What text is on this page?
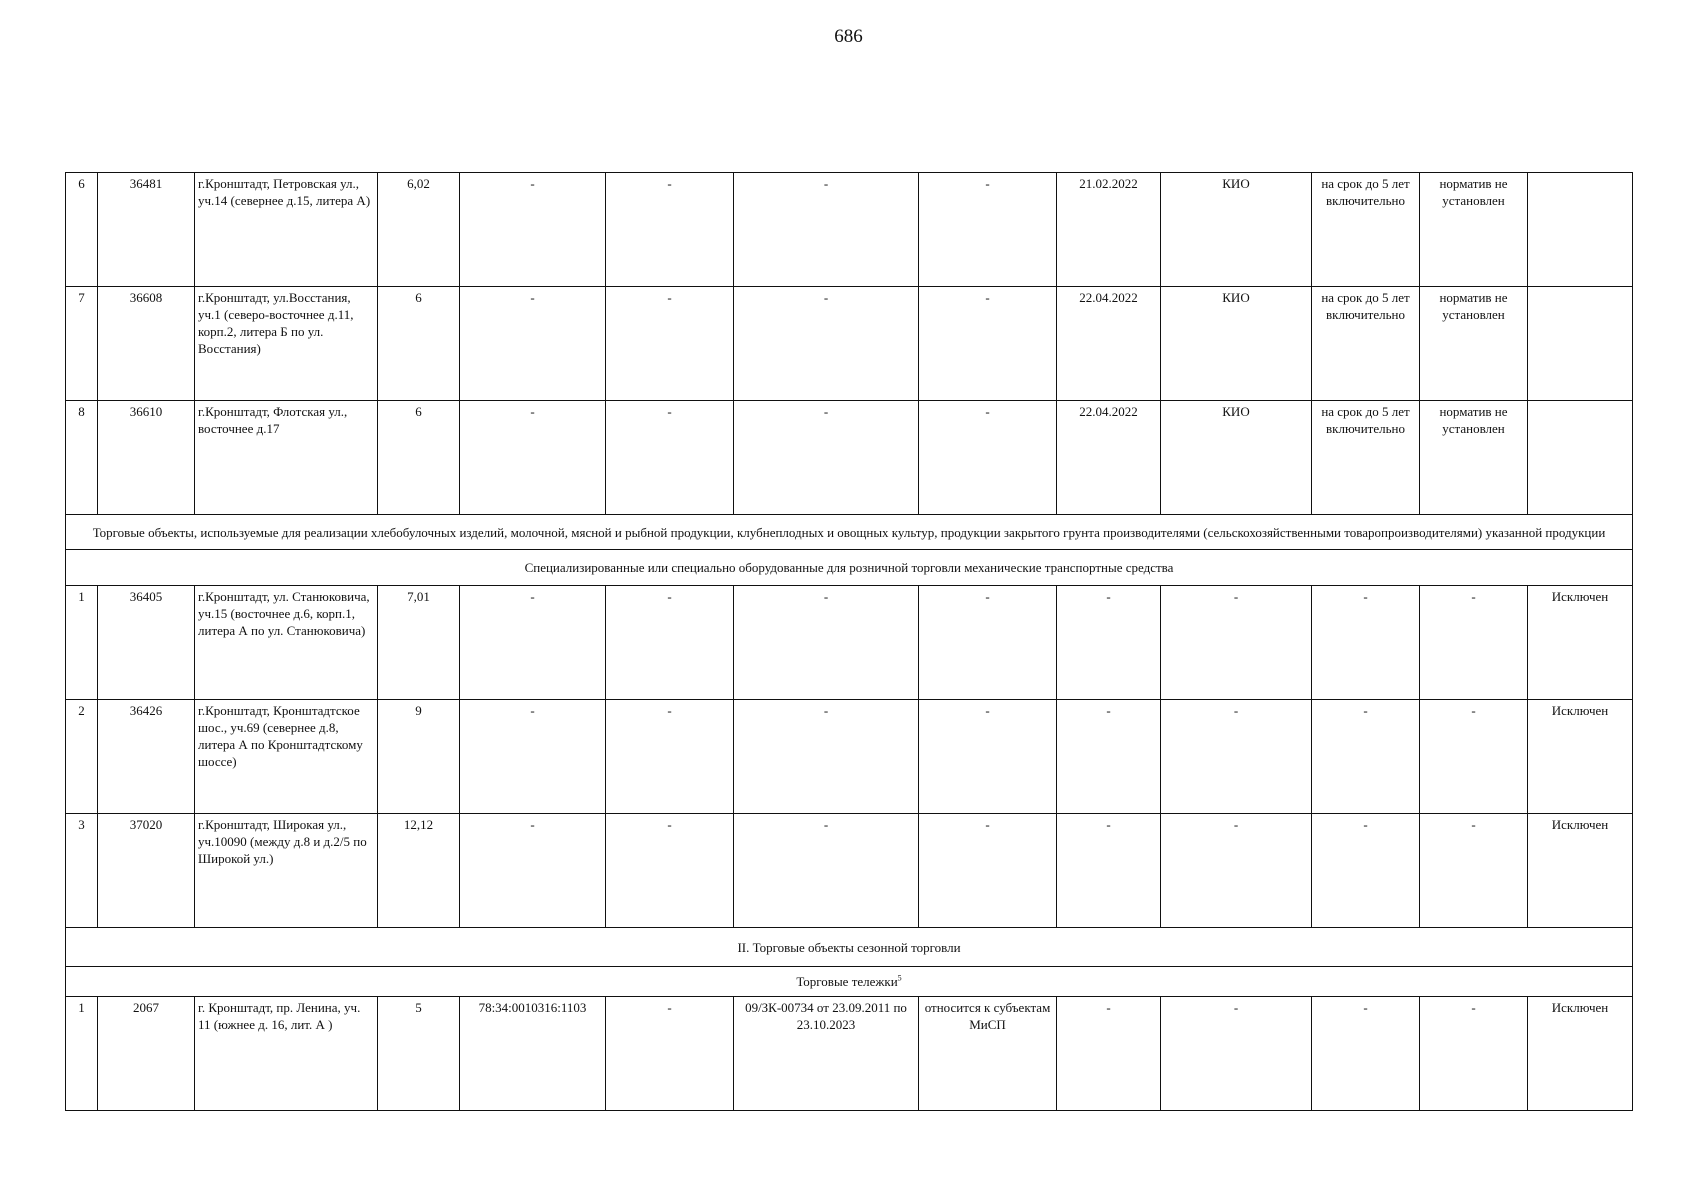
686
6	36481	г.Кронштадт, Петровская ул., уч.14 (севернее д.15, литера А)	6,02	-	-	-	-	21.02.2022	КИО	на срок до 5 лет включительно	норматив не установлен	
7	36608	г.Кронштадт, ул.Восстания, уч.1 (северо-восточнее д.11, корп.2, литера Б по ул. Восстания)	6	-	-	-	-	22.04.2022	КИО	на срок до 5 лет включительно	норматив не установлен	
8	36610	г.Кронштадт, Флотская ул., восточнее д.17	6	-	-	-	-	22.04.2022	КИО	на срок до 5 лет включительно	норматив не установлен	
Торговые объекты, используемые для реализации хлебобулочных изделий, молочной, мясной и рыбной продукции, клубнеплодных и овощных культур, продукции закрытого грунта производителями (сельскохозяйственными товаропроизводителями) указанной продукции												
Специализированные или специально оборудованные для розничной торговли механические транспортные средства												
1	36405	г.Кронштадт, ул. Станюковича, уч.15 (восточнее д.6, корп.1, литера А по ул. Станюковича)	7,01	-	-	-	-	-	-	-	-	Исключен
2	36426	г.Кронштадт, Кронштадтское шос., уч.69 (севернее д.8, литера А по Кронштадтскому шоссе)	9	-	-	-	-	-	-	-	-	Исключен
3	37020	г.Кронштадт, Широкая ул., уч.10090 (между д.8 и д.2/5 по Широкой ул.)	12,12	-	-	-	-	-	-	-	-	Исключен
II. Торговые объекты сезонной торговли												
Торговые тележки$^5$
1	2067	г. Кронштадт, пр. Ленина, уч. 11 (южнее д. 16, лит. А )	5	78:34:0010316:1103	-	09/ЗК-00734 от 23.09.2011 по 23.10.2023	относится к субъектам МиСП	-	-	-	-	Исключен
